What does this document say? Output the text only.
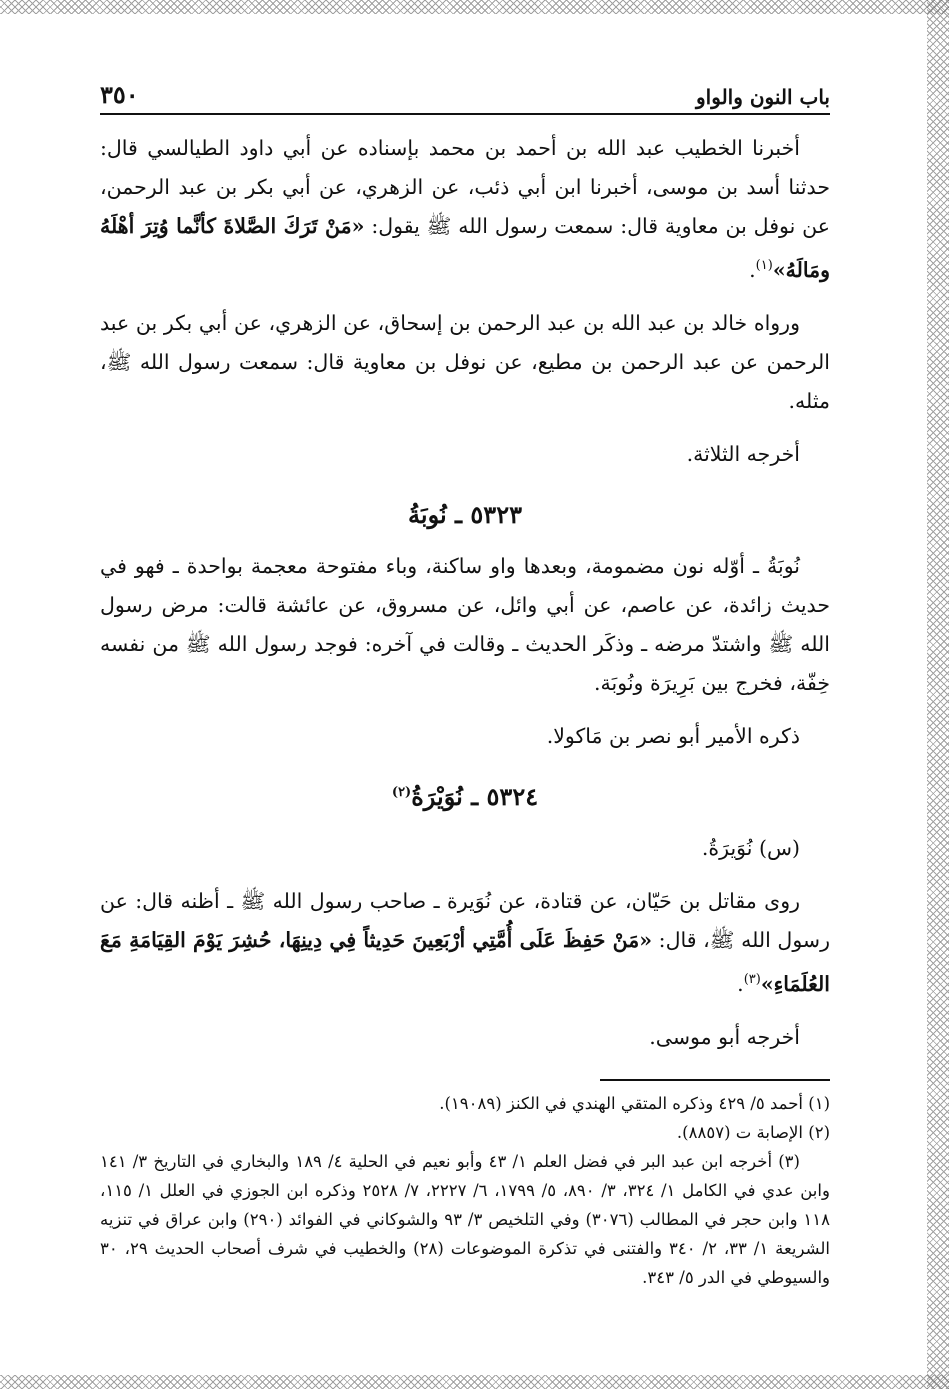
باب النون والواو
٣٥٠

أخبرنا الخطيب عبد الله بن أحمد بن محمد بإسناده عن أبي داود الطيالسي قال: حدثنا أسد بن موسى، أخبرنا ابن أبي ذئب، عن الزهري، عن أبي بكر بن عبد الرحمن، عن نوفل بن معاوية قال: سمعت رسول الله ﷺ يقول: «مَنْ تَرَكَ الصَّلاةَ كأنَّما وُتِرَ أهْلَهُ ومَالَهُ»$^{(١)}$.

ورواه خالد بن عبد الله بن عبد الرحمن بن إسحاق، عن الزهري، عن أبي بكر بن عبد الرحمن عن عبد الرحمن بن مطيع، عن نوفل بن معاوية قال: سمعت رسول الله ﷺ، مثله.

أخرجه الثلاثة.

٥٣٢٣ ـ نُوبَةُ

نُوبَةُ ـ أوّله نون مضمومة، وبعدها واو ساكنة، وباء مفتوحة معجمة بواحدة ـ فهو في حديث زائدة، عن عاصم، عن أبي وائل، عن مسروق، عن عائشة قالت: مرض رسول الله ﷺ واشتدّ مرضه ـ وذكَر الحديث ـ وقالت في آخره: فوجد رسول الله ﷺ من نفسه خِفّة، فخرج بين بَرِيرَة ونُوبَة.

ذكره الأمير أبو نصر بن مَاكولا.

٥٣٢٤ ـ نُوَيْرَةُ$^{(٢)}$

(س) نُوَيرَةُ.

روى مقاتل بن حَيّان، عن قتادة، عن نُوَيرة ـ صاحب رسول الله ﷺ ـ أظنه قال: عن رسول الله ﷺ، قال: «مَنْ حَفِظَ عَلَى أُمَّتِي أرْبَعِينَ حَدِيثاً فِي دِينِهَا، حُشِرَ يَوْمَ القِيَامَةِ مَعَ العُلَمَاءِ»$^{(٣)}$.

أخرجه أبو موسى.

(١) أحمد ٥/ ٤٢٩ وذكره المتقي الهندي في الكنز (١٩٠٨٩).

(٢) الإصابة ت (٨٨٥٧).

(٣) أخرجه ابن عبد البر في فضل العلم ١/ ٤٣ وأبو نعيم في الحلية ٤/ ١٨٩ والبخاري في التاريخ ٣/ ١٤١ وابن عدي في الكامل ١/ ٣٢٤، ٣/ ٨٩٠، ٥/ ١٧٩٩، ٦/ ٢٢٢٧، ٧/ ٢٥٢٨ وذكره ابن الجوزي في العلل ١/ ١١٥، ١١٨ وابن حجر في المطالب (٣٠٧٦) وفي التلخيص ٣/ ٩٣ والشوكاني في الفوائد (٢٩٠) وابن عراق في تنزيه الشريعة ١/ ٣٣، ٢/ ٣٤٠ والفتنى في تذكرة الموضوعات (٢٨) والخطيب في شرف أصحاب الحديث ٢٩، ٣٠ والسيوطي في الدر ٥/ ٣٤٣.
